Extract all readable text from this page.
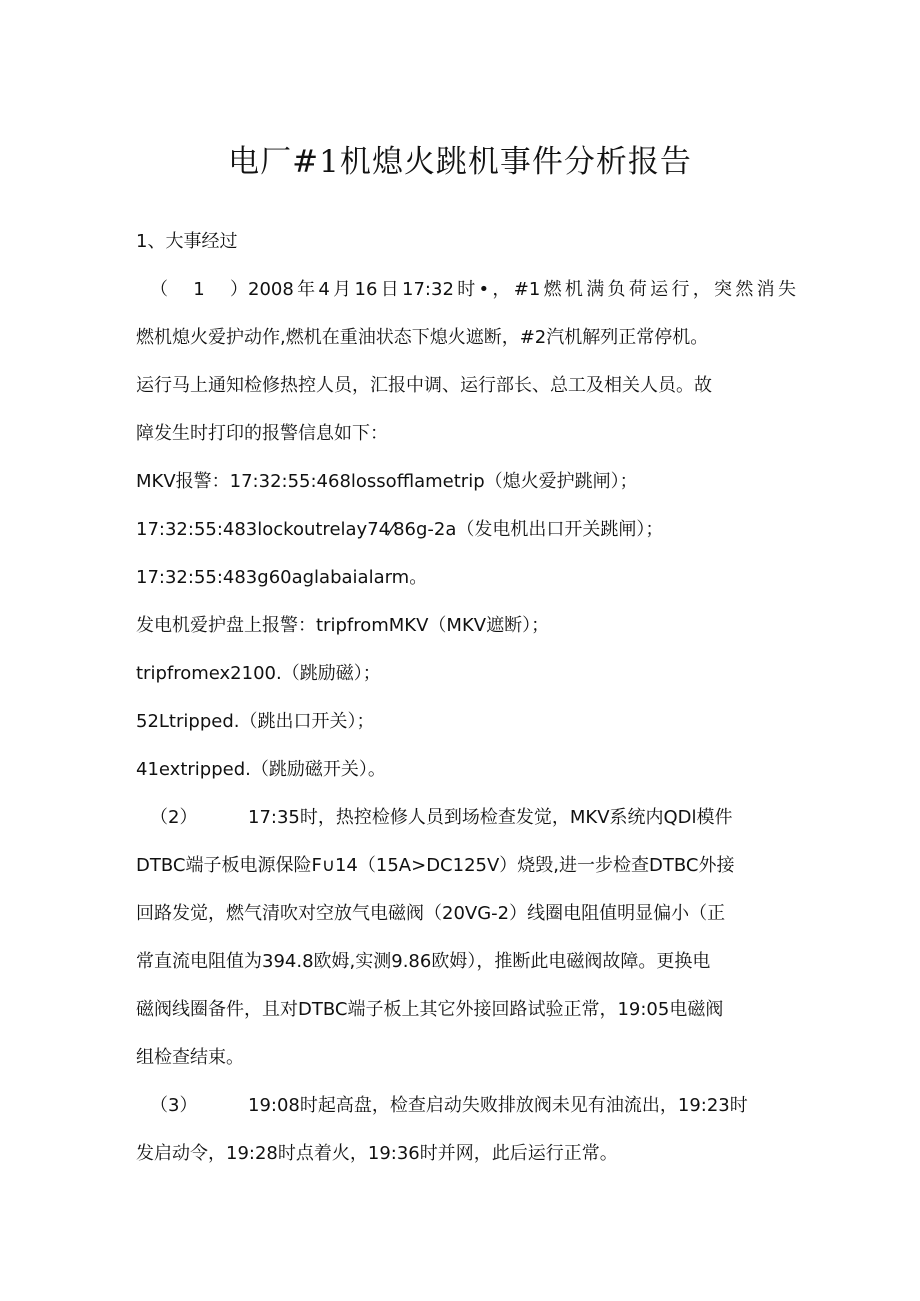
电厂#1机熄火跳机事件分析报告

1、大事经过

（1）2008年4月16日17:32时•，#1燃机满负荷运行，突然消失

燃机熄火爱护动作,燃机在重油状态下熄火遮断，#2汽机解列正常停机。

运行马上通知检修热控人员，汇报中调、运行部长、总工及相关人员。故

障发生时打印的报警信息如下：

MKV报警：17:32:55:468lossofflametrip（熄火爱护跳闸）；

17:32:55:483lockoutrelay74⁄86g-2a（发电机出口开关跳闸）；

17:32:55:483g60aglabaialarm。

发电机爱护盘上报警：tripfromMKV（MKV遮断）；

tripfromex2100.（跳励磁）；

52Ltripped.（跳出口开关）；

41extripped.（跳励磁开关）。

（2）	17:35时，热控检修人员到场检查发觉，MKV系统内QDl模件

DTBC端子板电源保险F∪14（15A>DC125V）烧毁,进一步检查DTBC外接

回路发觉，燃气清吹对空放气电磁阀（20VG-2）线圈电阻值明显偏小（正

常直流电阻值为394.8欧姆,实测9.86欧姆），推断此电磁阀故障。更换电

磁阀线圈备件，且对DTBC端子板上其它外接回路试验正常，19:05电磁阀

组检查结束。

（3）	19:08时起高盘，检查启动失败排放阀未见有油流出，19:23时

发启动令，19:28时点着火，19:36时并网，此后运行正常。
